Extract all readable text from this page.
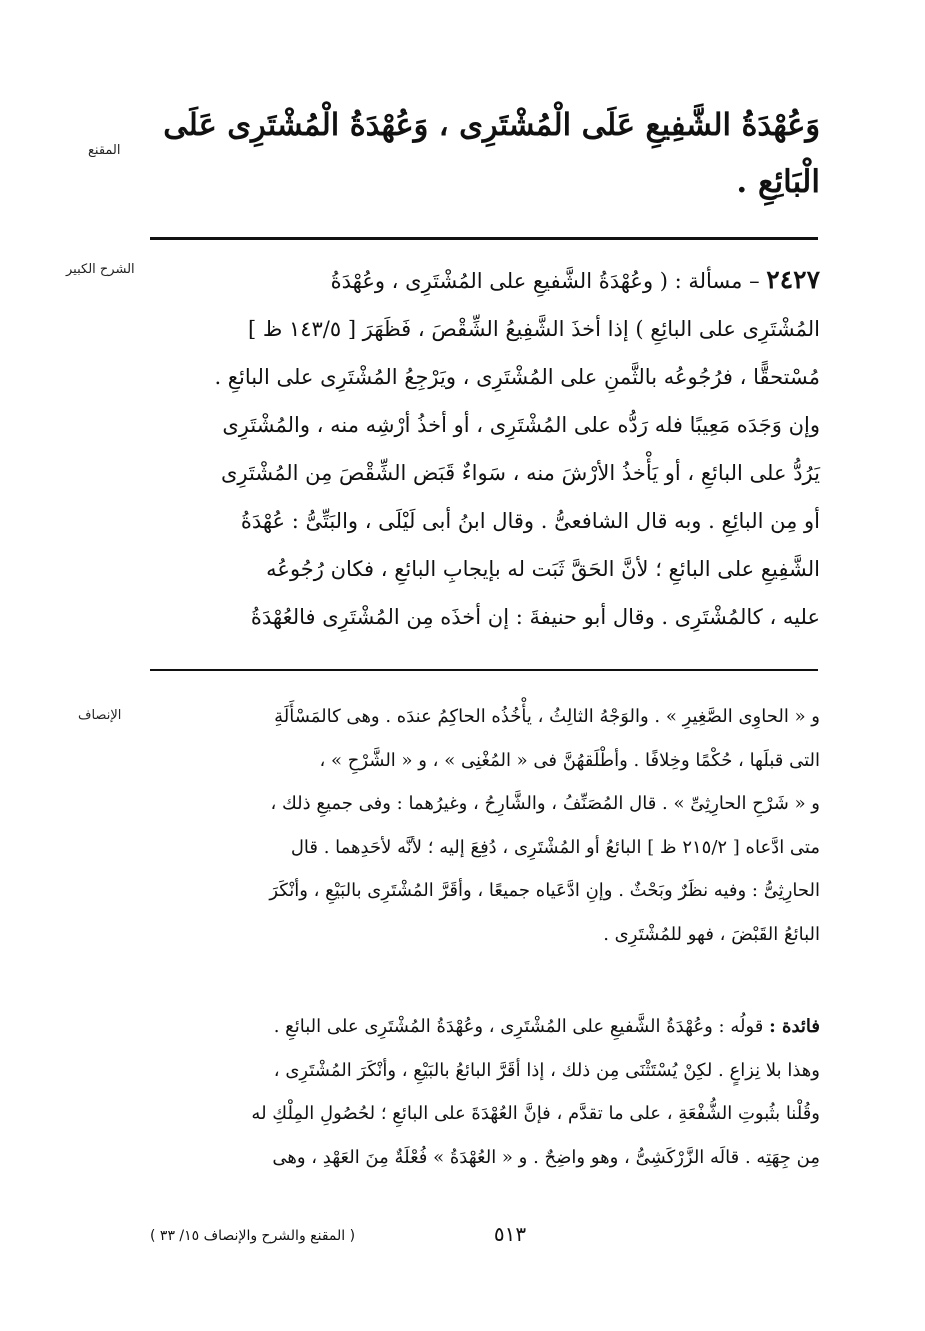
المقنع
وَعُهْدَةُ الشَّفِيعِ عَلَى الْمُشْتَرِى ، وَعُهْدَةُ الْمُشْتَرِى عَلَى
الْبَائِعِ .
الشرح الكبير	٢٤٢٧ – مسألة : ( وعُهْدَةُ الشَّفيعِ على المُشْتَرِى ، وعُهْدَةُ
المُشْتَرِى على البائِعِ ) إذا أخذَ الشَّفِيعُ الشِّقْصَ ، فَظَهَرَ [ ١٤٣/٥ ظ ]
مُسْتحقًّا ، فرُجُوعُه بالثَّمنِ على المُشْتَرِى ، ويَرْجِعُ المُشْتَرِى على البائعِ .
وإن وَجَدَه مَعِيبًا فله رَدُّه على المُشْتَرِى ، أو أخذُ أرْشِه منه ، والمُشْتَرِى
يَرُدُّ على البائعِ ، أو يَأْخذُ الأرْشَ منه ، سَواءٌ قَبَض الشِّقْصَ مِن المُشْتَرِى
أو مِن البائِعِ . وبه قال الشافعىُّ . وقال ابنُ أبى لَيْلَى ، والبَتِّىُّ : عُهْدَةُ
الشَّفِيعِ على البائعِ ؛ لأنَّ الحَقَّ ثَبَت له بإيجابِ البائعِ ، فكان رُجُوعُه
عليه ، كالمُشْتَرِى . وقال أبو حنيفةَ : إن أخذَه مِن المُشْتَرِى فالعُهْدَةُ
الإنصاف	و « الحاوِى الصَّغِيرِ » . والوَجْهُ الثالِثُ ، يأْخُذُه الحاكِمُ عندَه . وهى كالمَسْأَلَةِ
التى قبلَها ، حُكْمًا وخِلافًا . وأطْلَقهُنَّ فى « المُغْنِى » ، و « الشَّرْحِ » ،
و « شَرْحِ الحارِثِىِّ » . قال المُصَنِّفُ ، والشَّارِحُ ، وغيرُهما : وفى جميعِ ذلك ،
متى ادَّعاه [ ٢١٥/٢ ظ ] البائعُ أو المُشْتَرِى ، دُفِعَ إليه ؛ لأنَّه لأحَدِهما . قال
الحارِثِىُّ : وفيه نظَرٌ وبَحْثٌ . وإنِ ادَّعَياه جميعًا ، وأقَرَّ المُشْتَرِى بالبَيْعِ ، وأنْكَرَ
البائعُ القَبْضَ ، فهو للمُشْتَرِى .
فائدة : قولُه : وعُهْدَةُ الشَّفيعِ على المُشْتَرِى ، وعُهْدَةُ المُشْتَرِى على البائعِ .
وهذا بلا نِزاعٍ . لكِنْ يُسْتَثْنَى مِن ذلك ، إذا أقَرَّ البائعُ بالبَيْعِ ، وأنْكَرَ المُشْتَرِى ،
وقُلْنا بثُبوتِ الشُّفْعَةِ ، على ما تقدَّم ، فإنَّ العُهْدَةَ على البائعِ ؛ لحُصُولِ المِلْكِ له
مِن جِهَتِه . قالَه الزَّرْكَشِىُّ ، وهو واضِحٌ . و « العُهْدَةُ » فُعْلَةٌ مِنَ العَهْدِ ، وهى
٥١٣
( المقنع والشرح والإنصاف ١٥/ ٣٣ )
